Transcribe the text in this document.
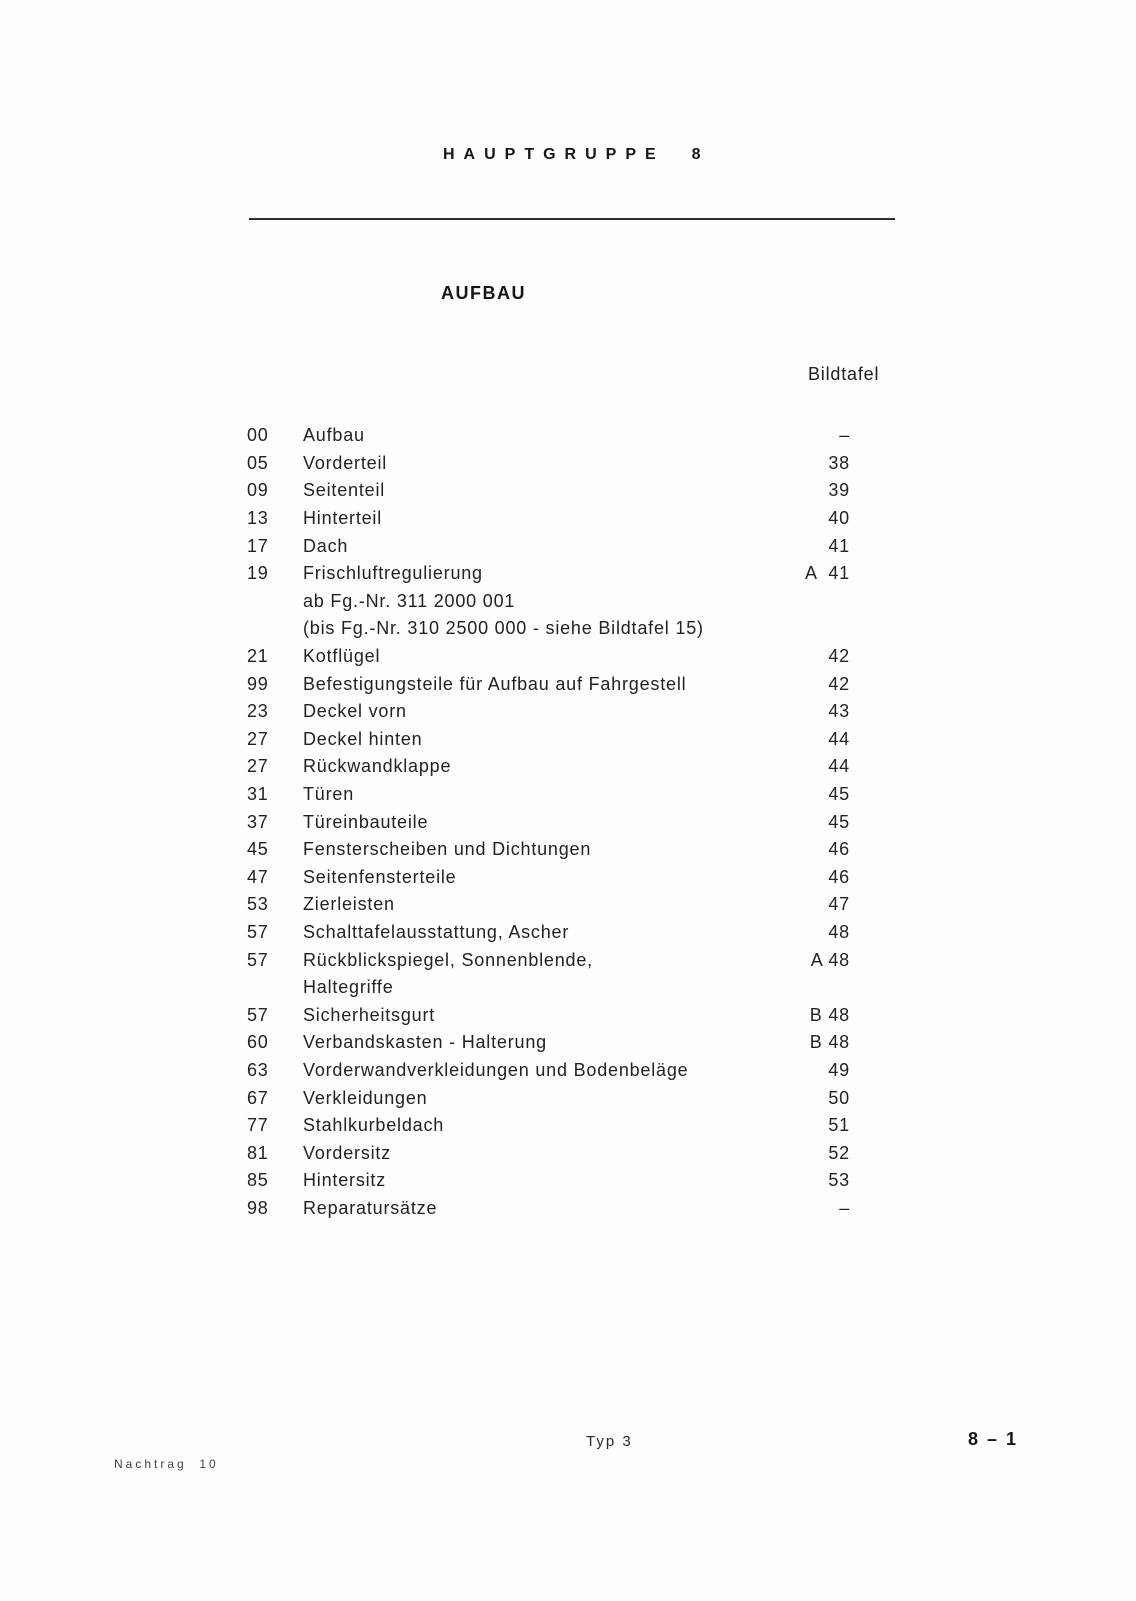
HAUPTGRUPPE  8
AUFBAU
Bildtafel
00	Aufbau	–
05	Vorderteil	38
09	Seitenteil	39
13	Hinterteil	40
17	Dach	41
19	Frischluftregulierung	A  41
ab Fg.-Nr. 311 2000 001
(bis Fg.-Nr. 310 2500 000 - siehe Bildtafel 15)
21	Kotflügel	42
99	Befestigungsteile für Aufbau auf Fahrgestell	42
23	Deckel vorn	43
27	Deckel hinten	44
27	Rückwandklappe	44
31	Türen	45
37	Türeinbauteile	45
45	Fensterscheiben und Dichtungen	46
47	Seitenfensterteile	46
53	Zierleisten	47
57	Schalttafelausstattung, Ascher	48
57	Rückblickspiegel, Sonnenblende,	A 48
Haltegriffe
57	Sicherheitsgurt	B 48
60	Verbandskasten - Halterung	B 48
63	Vorderwandverkleidungen und Bodenbeläge	49
67	Verkleidungen	50
77	Stahlkurbeldach	51
81	Vordersitz	52
85	Hintersitz	53
98	Reparatursätze	–
Typ 3	8 – 1
Nachtrag  10
